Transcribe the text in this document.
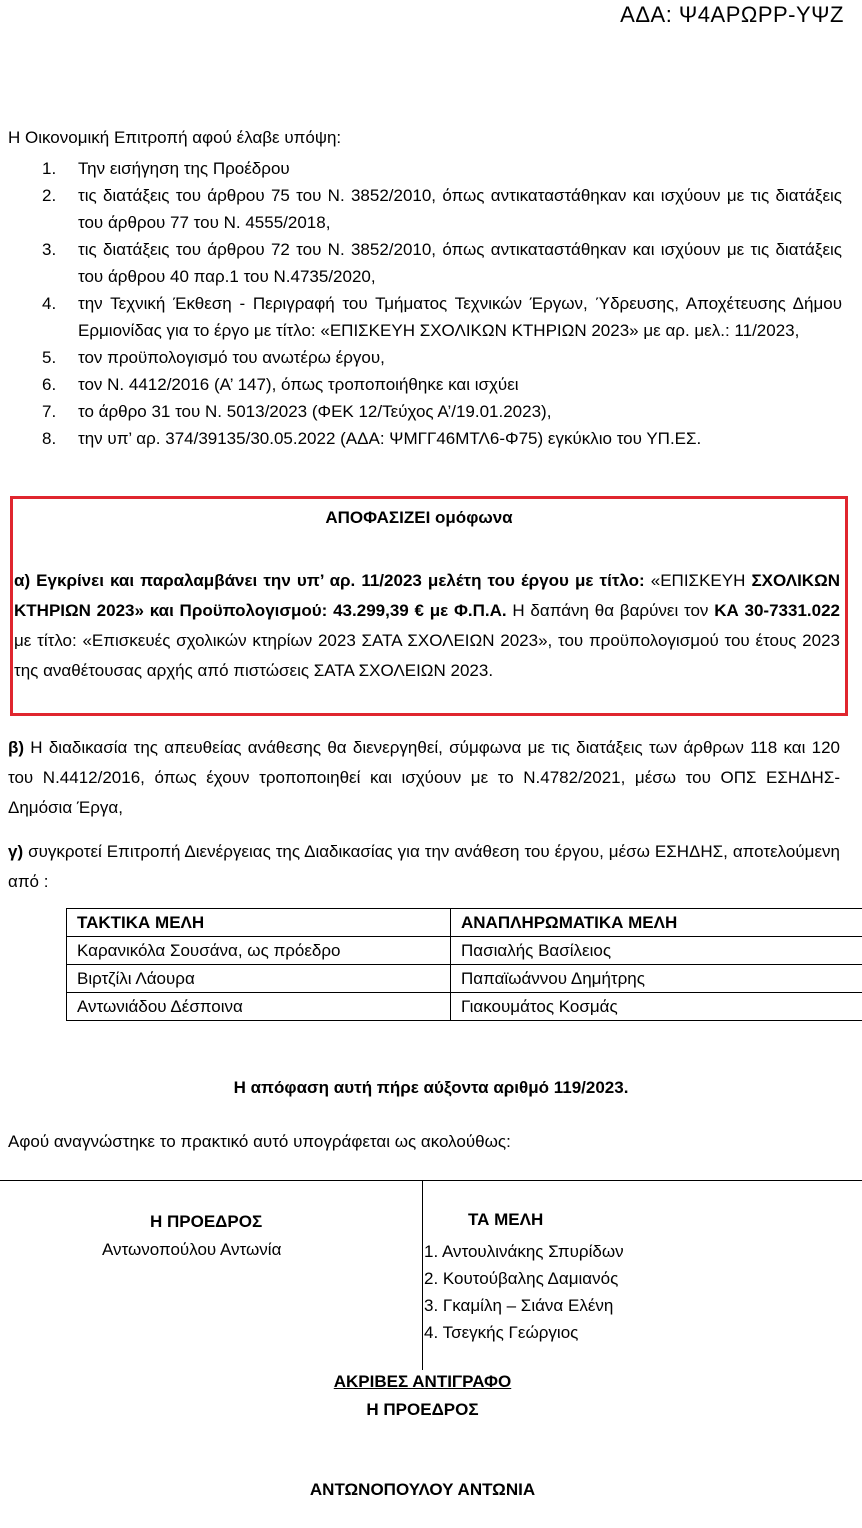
ΑΔΑ: Ψ4ΑΡΩΡΡ-ΥΨΖ
Η Οικονομική Επιτροπή αφού έλαβε υπόψη:
1. Την εισήγηση της Προέδρου
2. τις διατάξεις του άρθρου 75 του Ν. 3852/2010, όπως αντικαταστάθηκαν και ισχύουν με τις διατάξεις του άρθρου 77 του Ν. 4555/2018,
3. τις διατάξεις του άρθρου 72 του Ν. 3852/2010, όπως αντικαταστάθηκαν και ισχύουν με τις διατάξεις του άρθρου 40 παρ.1 του Ν.4735/2020,
4. την Τεχνική Έκθεση - Περιγραφή του Τμήματος Τεχνικών Έργων, Ύδρευσης, Αποχέτευσης Δήμου Ερμιονίδας για το έργο με τίτλο: «ΕΠΙΣΚΕΥΗ ΣΧΟΛΙΚΩΝ ΚΤΗΡΙΩΝ 2023» με αρ. μελ.: 11/2023,
5. τον προϋπολογισμό του ανωτέρω έργου,
6. τον Ν. 4412/2016 (Α’ 147), όπως τροποποιήθηκε και ισχύει
7. το άρθρο 31 του Ν. 5013/2023 (ΦΕΚ 12/Τεύχος Α’/19.01.2023),
8. την υπ’ αρ. 374/39135/30.05.2022 (ΑΔΑ: ΨΜΓΓ46ΜΤΛ6-Φ75) εγκύκλιο του ΥΠ.ΕΣ.
ΑΠΟΦΑΣΙΖΕΙ ομόφωνα
α) Εγκρίνει και παραλαμβάνει την υπ’ αρ. 11/2023 μελέτη του έργου με τίτλο: «ΕΠΙΣΚΕΥΗ ΣΧΟΛΙΚΩΝ ΚΤΗΡΙΩΝ 2023» και Προϋπολογισμού: 43.299,39 € με Φ.Π.Α. Η δαπάνη θα βαρύνει τον ΚΑ 30-7331.022 με τίτλο: «Επισκευές σχολικών κτηρίων 2023 ΣΑΤΑ ΣΧΟΛΕΙΩΝ 2023», του προϋπολογισμού του έτους 2023 της αναθέτουσας αρχής από πιστώσεις ΣΑΤΑ ΣΧΟΛΕΙΩΝ 2023.
β) Η διαδικασία της απευθείας ανάθεσης θα διενεργηθεί, σύμφωνα με τις διατάξεις των άρθρων 118 και 120 του Ν.4412/2016, όπως έχουν τροποποιηθεί και ισχύουν με το Ν.4782/2021, μέσω του ΟΠΣ ΕΣΗΔΗΣ-Δημόσια Έργα,
γ) συγκροτεί Επιτροπή Διενέργειας της Διαδικασίας για την ανάθεση του έργου, μέσω ΕΣΗΔΗΣ, αποτελούμενη από :
ΤΑΚΤΙΚΑ ΜΕΛΗ	ΑΝΑΠΛΗΡΩΜΑΤΙΚΑ ΜΕΛΗ
Καρανικόλα Σουσάνα, ως πρόεδρο	Πασιαλής Βασίλειος
Βιρτζίλι Λάουρα	Παπαϊωάννου Δημήτρης
Αντωνιάδου Δέσποινα	Γιακουμάτος Κοσμάς
Η απόφαση αυτή πήρε αύξοντα αριθμό 119/2023.
Αφού αναγνώστηκε το πρακτικό αυτό υπογράφεται ως ακολούθως:
Η ΠΡΟΕΔΡΟΣ
Αντωνοπούλου Αντωνία
ΤΑ ΜΕΛΗ
1. Αντουλινάκης Σπυρίδων
2. Κουτούβαλης Δαμιανός
3. Γκαμίλη – Σιάνα Ελένη
4. Τσεγκής Γεώργιος
ΑΚΡΙΒΕΣ ΑΝΤΙΓΡΑΦΟ
Η ΠΡΟΕΔΡΟΣ
ΑΝΤΩΝΟΠΟΥΛΟΥ ΑΝΤΩΝΙΑ
